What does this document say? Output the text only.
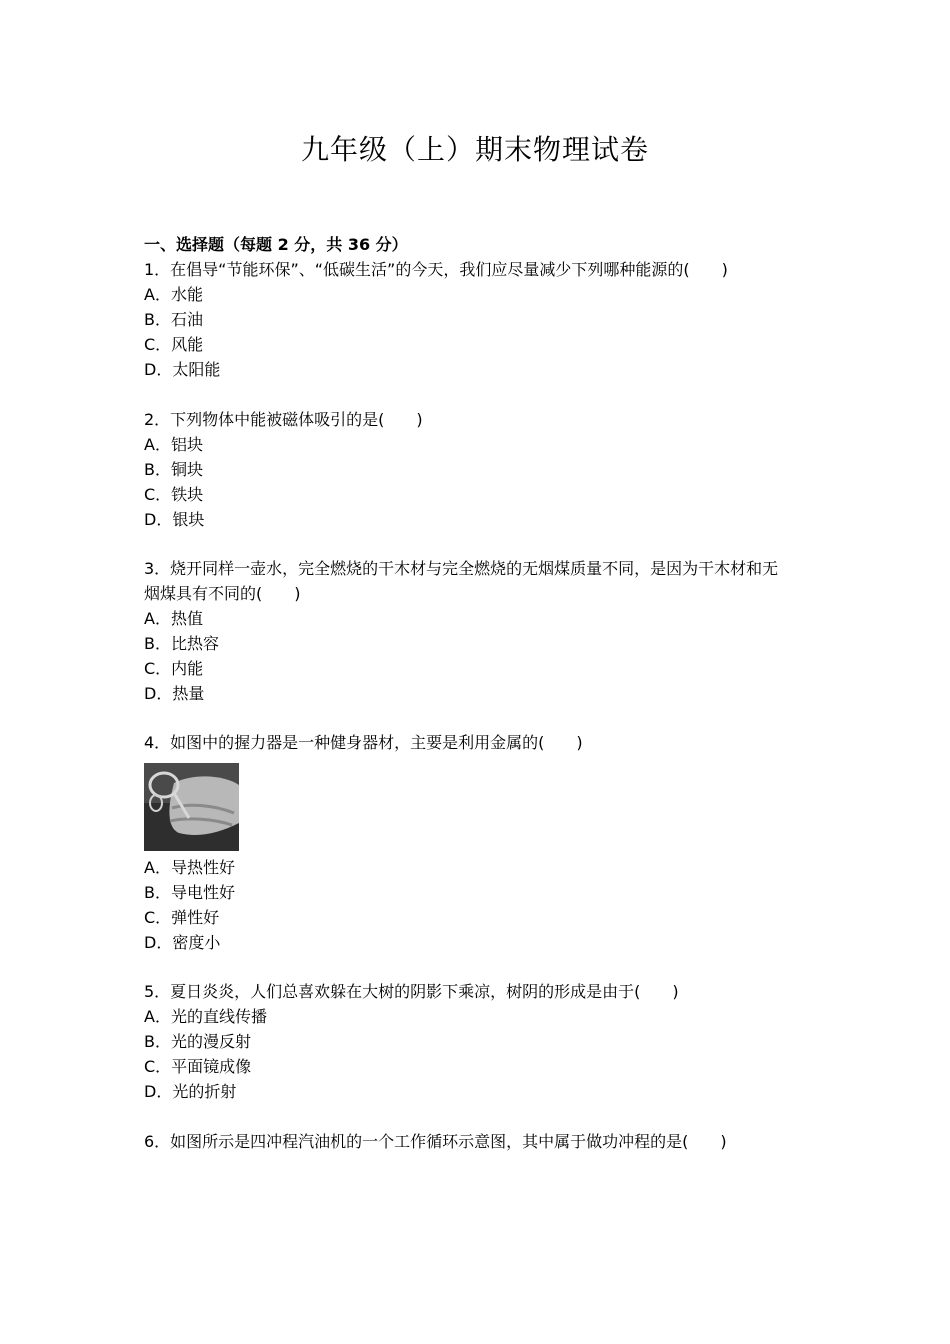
九年级（上）期末物理试卷
一、选择题（每题 2 分，共 36 分）
1．在倡导“节能环保”、“低碳生活”的今天，我们应尽量减少下列哪种能源的(　　)
A．水能
B．石油
C．风能
D．太阳能
2．下列物体中能被磁体吸引的是(　　)
A．铝块
B．铜块
C．铁块
D．银块
3．烧开同样一壶水，完全燃烧的干木材与完全燃烧的无烟煤质量不同，是因为干木材和无
烟煤具有不同的(　　)
A．热值
B．比热容
C．内能
D．热量
4．如图中的握力器是一种健身器材，主要是利用金属的(　　)
A．导热性好
B．导电性好
C．弹性好
D．密度小
5．夏日炎炎，人们总喜欢躲在大树的阴影下乘凉，树阴的形成是由于(　　)
A．光的直线传播
B．光的漫反射
C．平面镜成像
D．光的折射
6．如图所示是四冲程汽油机的一个工作循环示意图，其中属于做功冲程的是(　　)
